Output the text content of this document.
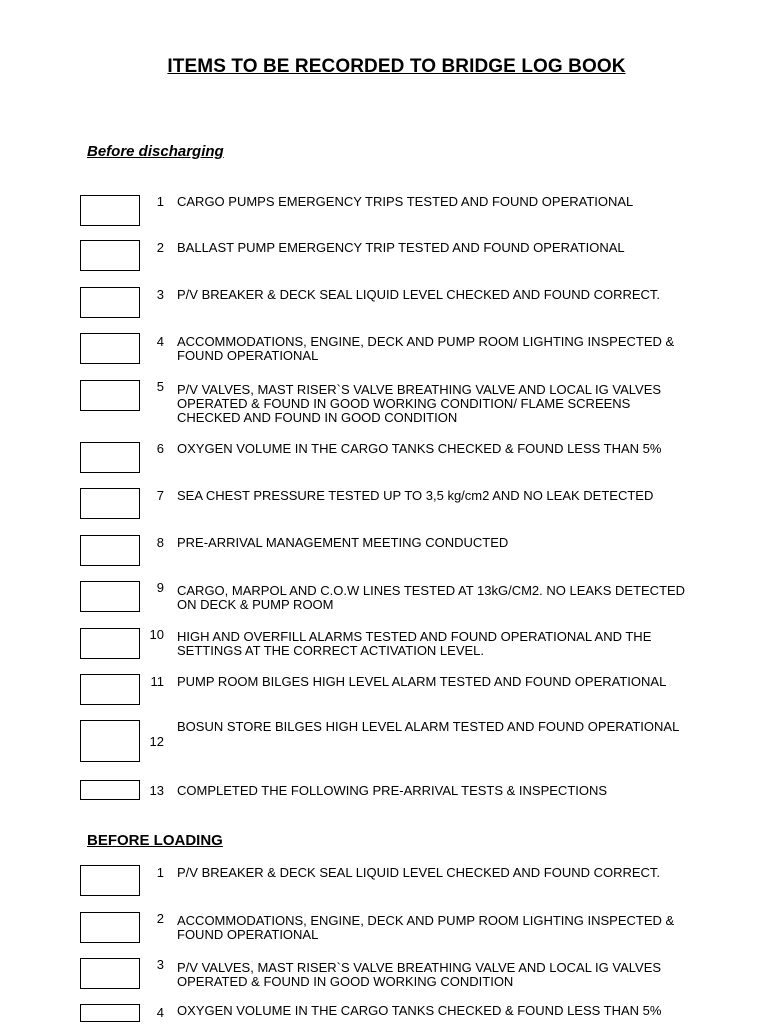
ITEMS TO BE RECORDED TO BRIDGE LOG BOOK
Before discharging
1 CARGO PUMPS EMERGENCY TRIPS TESTED AND FOUND OPERATIONAL
2 BALLAST PUMP EMERGENCY TRIP TESTED AND FOUND OPERATIONAL
3 P/V BREAKER & DECK SEAL LIQUID LEVEL CHECKED AND FOUND CORRECT.
4 ACCOMMODATIONS, ENGINE, DECK AND PUMP ROOM LIGHTING INSPECTED & FOUND OPERATIONAL
5 P/V VALVES, MAST RISER`S VALVE BREATHING VALVE AND LOCAL IG VALVES OPERATED & FOUND IN GOOD WORKING CONDITION/ FLAME SCREENS CHECKED AND FOUND IN GOOD CONDITION
6 OXYGEN VOLUME IN THE CARGO TANKS CHECKED & FOUND LESS THAN 5%
7 SEA CHEST PRESSURE TESTED UP TO 3,5 kg/cm2 AND NO LEAK DETECTED
8 PRE-ARRIVAL MANAGEMENT MEETING CONDUCTED
9 CARGO, MARPOL AND C.O.W LINES TESTED AT 13kG/CM2. NO LEAKS DETECTED ON DECK & PUMP ROOM
10 HIGH AND OVERFILL ALARMS TESTED AND FOUND OPERATIONAL AND THE SETTINGS AT THE CORRECT ACTIVATION LEVEL.
11 PUMP ROOM BILGES HIGH LEVEL ALARM TESTED AND FOUND OPERATIONAL
12
BOSUN STORE BILGES HIGH LEVEL ALARM TESTED AND FOUND OPERATIONAL
13 COMPLETED THE FOLLOWING PRE-ARRIVAL TESTS & INSPECTIONS
BEFORE LOADING
1 P/V BREAKER & DECK SEAL LIQUID LEVEL CHECKED AND FOUND CORRECT.
2 ACCOMMODATIONS, ENGINE, DECK AND PUMP ROOM LIGHTING INSPECTED & FOUND OPERATIONAL
3 P/V VALVES, MAST RISER`S VALVE BREATHING VALVE AND LOCAL IG VALVES OPERATED & FOUND IN GOOD WORKING CONDITION
4 OXYGEN VOLUME IN THE CARGO TANKS CHECKED & FOUND LESS THAN 5%
